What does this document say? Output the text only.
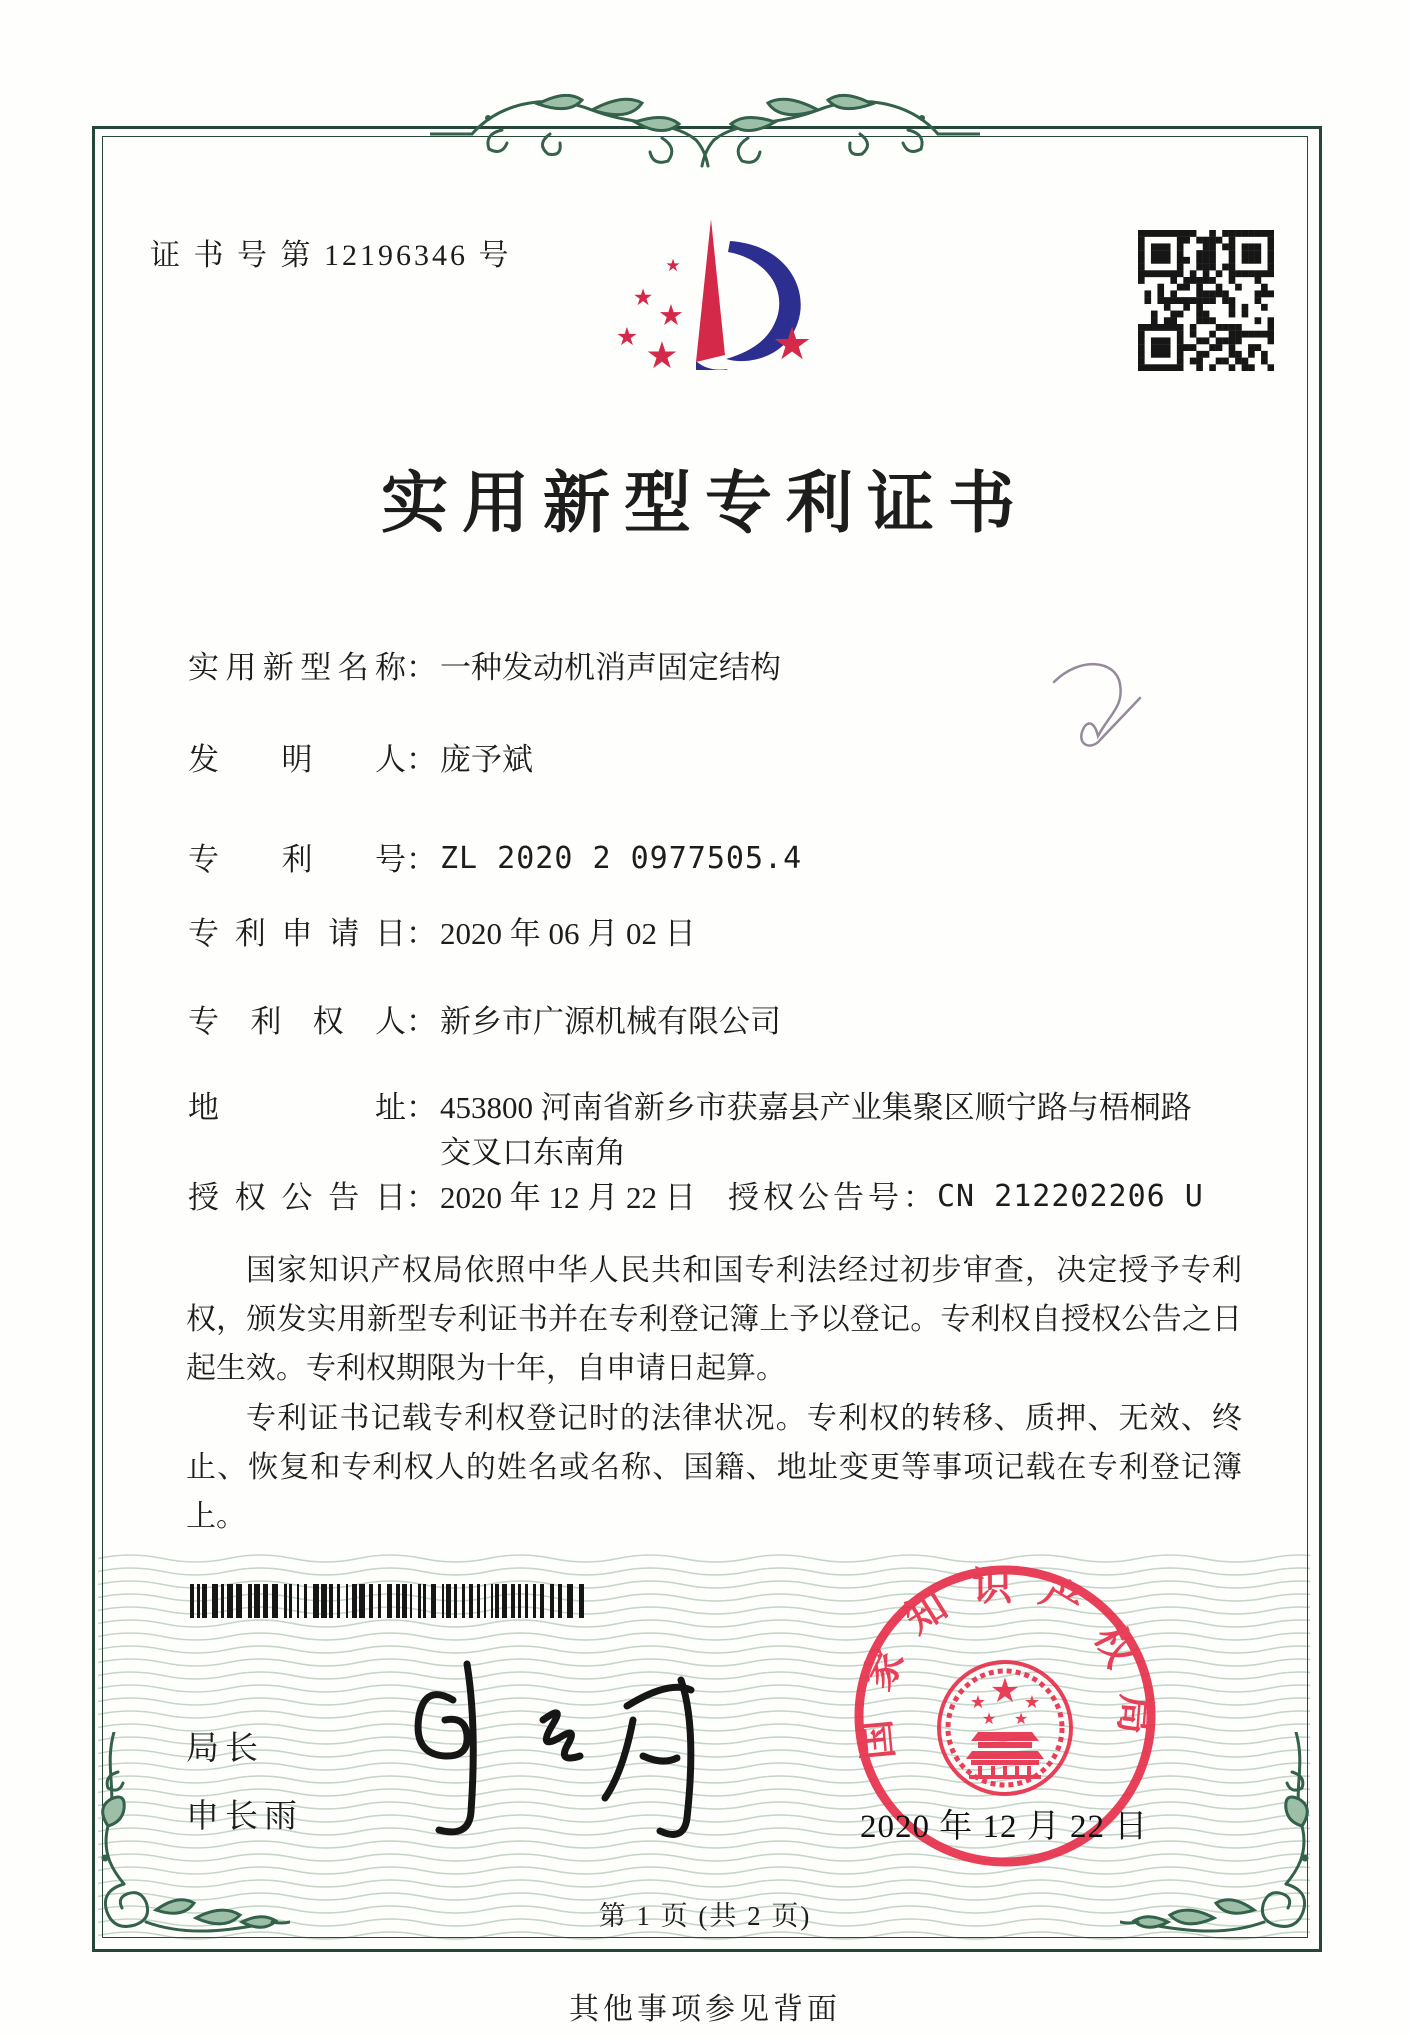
证 书 号 第 12196346 号	★
★ ★
★ ★ ★
实用新型专利证书
实用新型名称 ： 一种发动机消声固定结构
发明人 ： 庞予斌
专利号 ： ZL 2020 2 0977505.4
专利申请日 ： 2020 年 06 月 02 日
专利权人 ： 新乡市广源机械有限公司
地址 ： 453800 河南省新乡市获嘉县产业集聚区顺宁路与梧桐路
交叉口东南角
授权公告日 ： 2020 年 12 月 22 日 授权公告号 ： CN 212202206 U

国家知识产权局依照中华人民共和国专利法经过初步审查，决定授予专利权，颁发实用新型专利证书并在专利登记簿上予以登记。专利权自授权公告之日起生效。专利权期限为十年，自申请日起算。

专利证书记载专利权登记时的法律状况。专利权的转移、质押、无效、终止、恢复和专利权人的姓名或名称、国籍、地址变更等事项记载在专利登记簿上。

局长
申长雨
国家知识产权局
★
★ ★
★ ★
2020 年 12 月 22 日
第 1 页 (共 2 页)
其他事项参见背面
